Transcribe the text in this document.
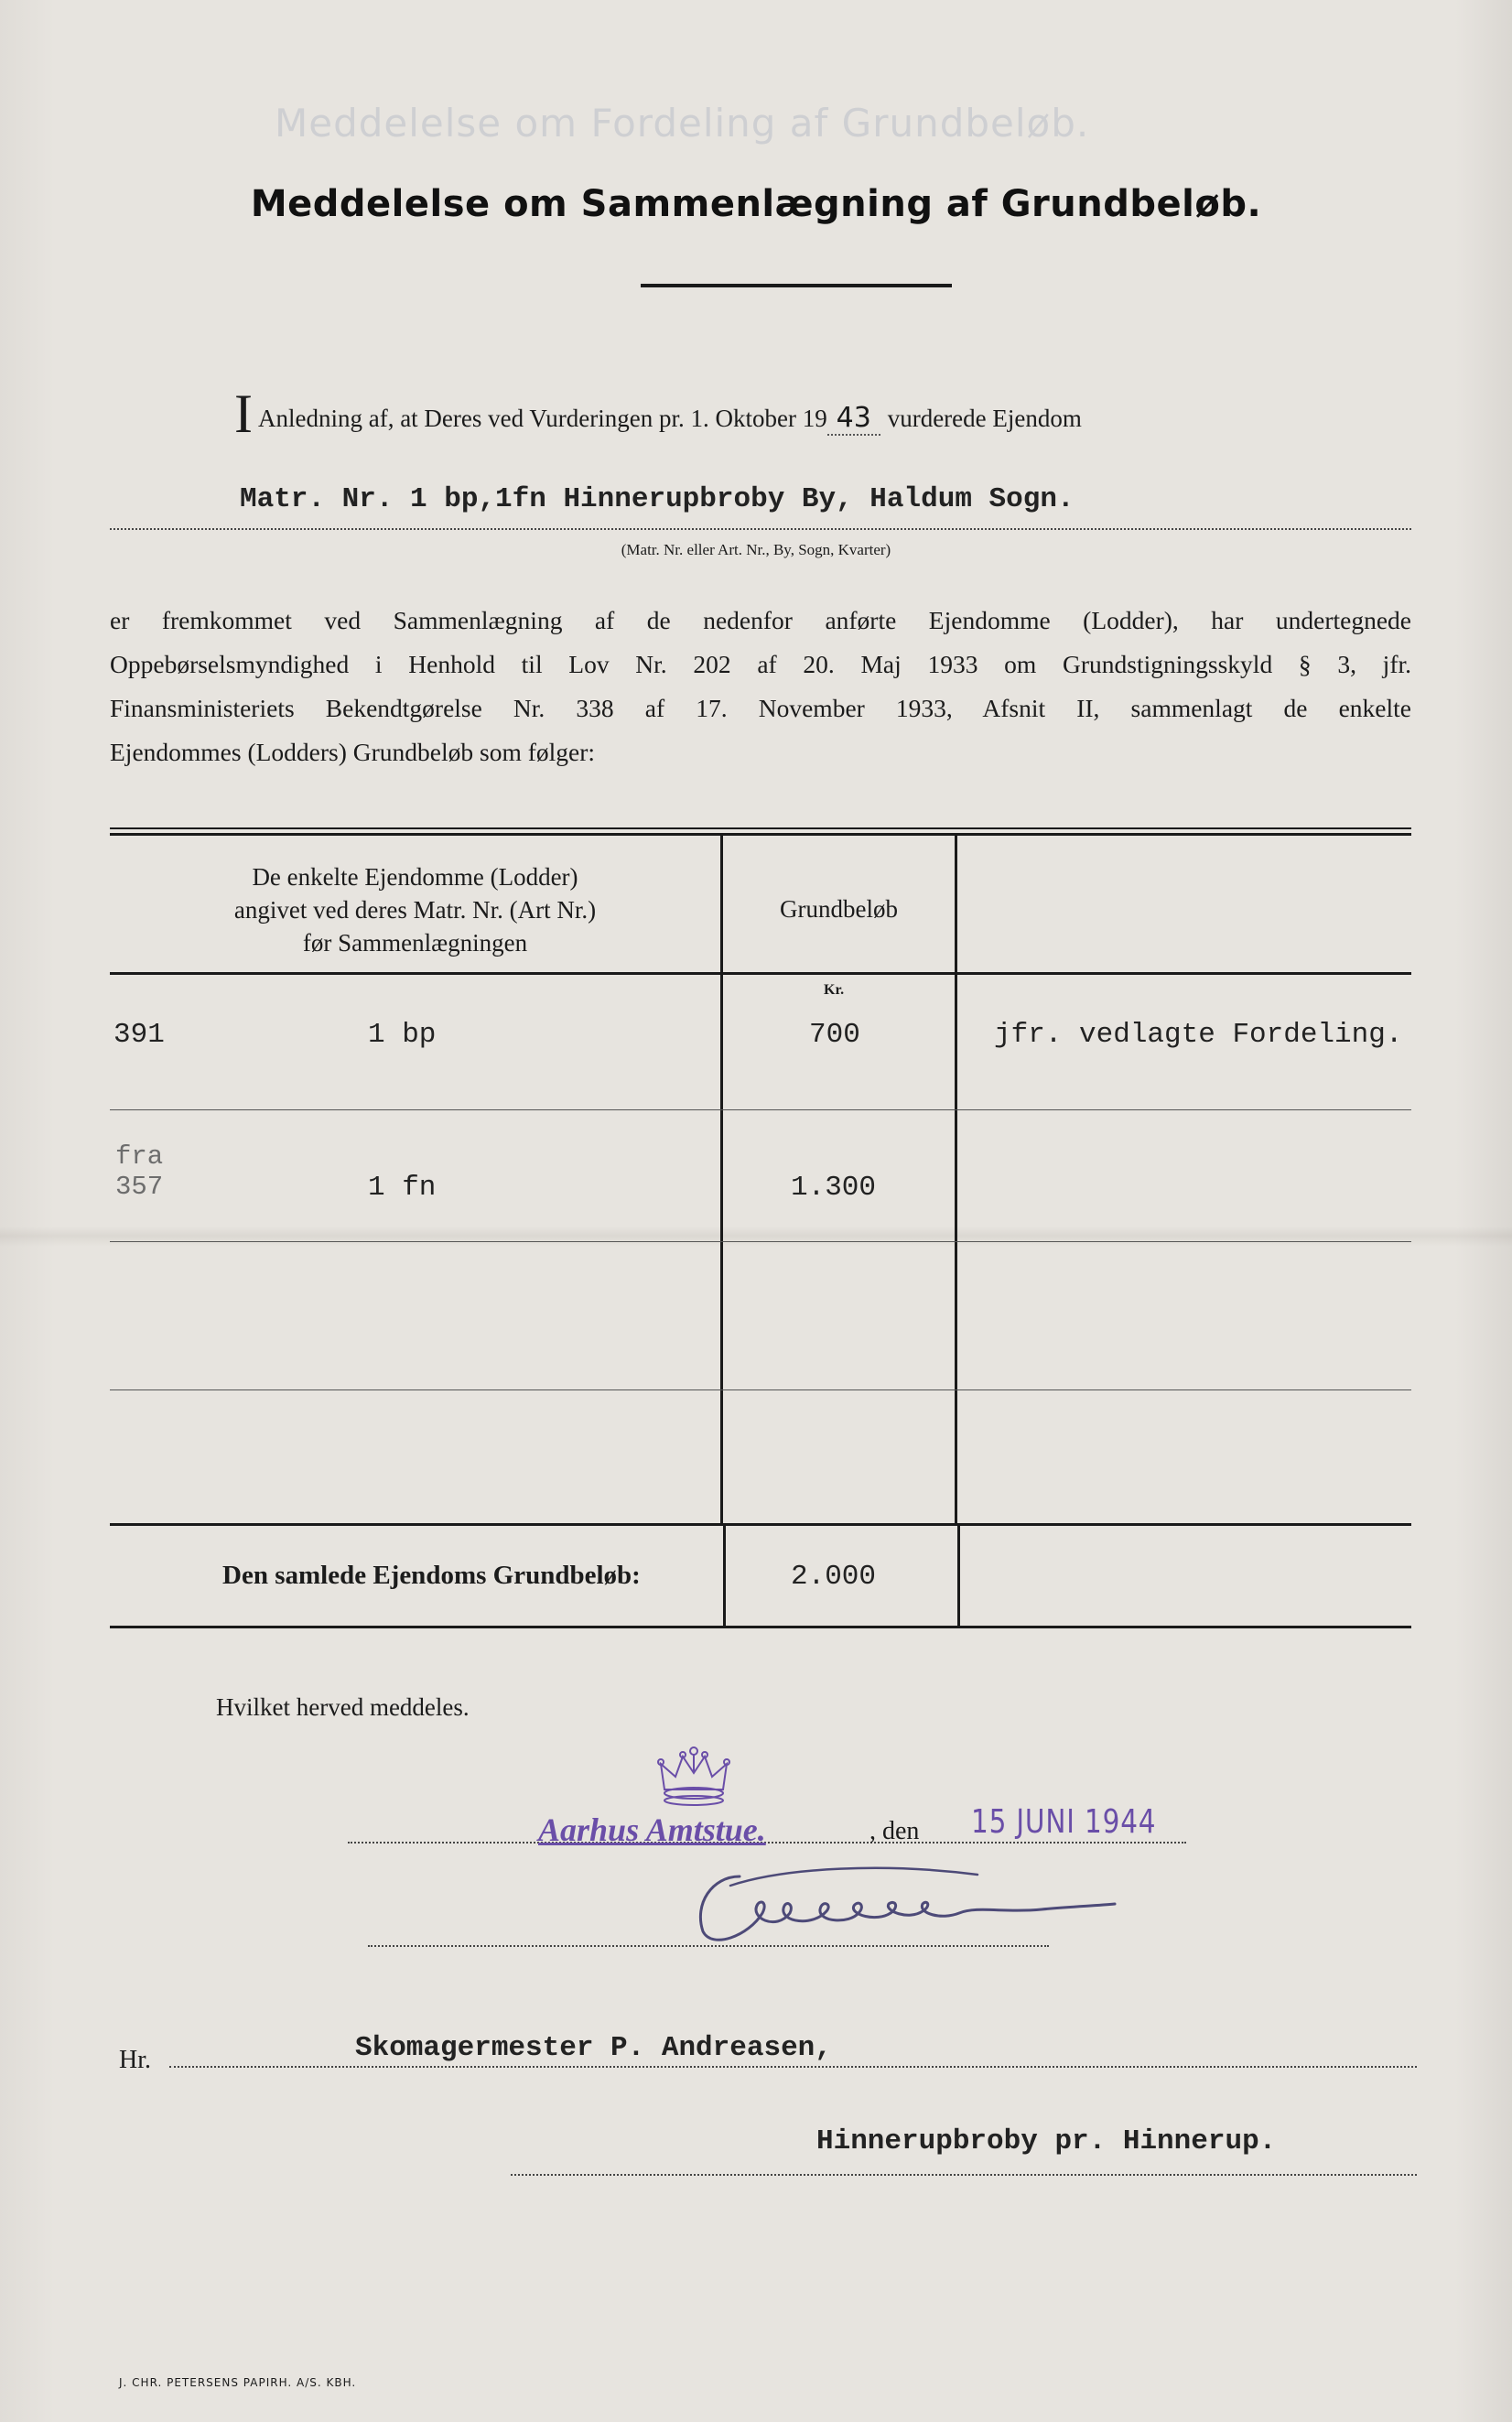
Meddelelse om Fordeling af Grundbeløb.
Meddelelse om Sammenlægning af Grundbeløb.
I Anledning af, at Deres ved Vurderingen pr. 1. Oktober 19 43 vurderede Ejendom
Matr. Nr. 1 bp,1fn Hinnerupbroby By, Haldum Sogn.
(Matr. Nr. eller Art. Nr., By, Sogn, Kvarter)
er fremkommet ved Sammenlægning af de nedenfor anførte Ejendomme (Lodder), har undertegnede
Oppebørselsmyndighed i Henhold til Lov Nr. 202 af 20. Maj 1933 om Grundstigningsskyld § 3, jfr.
Finansministeriets Bekendtgørelse Nr. 338 af 17. November 1933, Afsnit II, sammenlagt de enkelte
Ejendommes (Lodders) Grundbeløb som følger:
De enkelte Ejendomme (Lodder)
angivet ved deres Matr. Nr. (Art Nr.)
før Sammenlægningen
Grundbeløb
Kr.
391	1 bp	700	jfr. vedlagte Fordeling.
fra
357	1 fn	1.300
Den samlede Ejendoms Grundbeløb:	2.000
Hvilket herved meddeles.
Aarhus Amtstue.	, den 15 JUNI 1944
Hr.	Skomagermester P. Andreasen,
Hinnerupbroby pr. Hinnerup.
J. CHR. PETERSENS PAPIRH. A/S. KBH.
